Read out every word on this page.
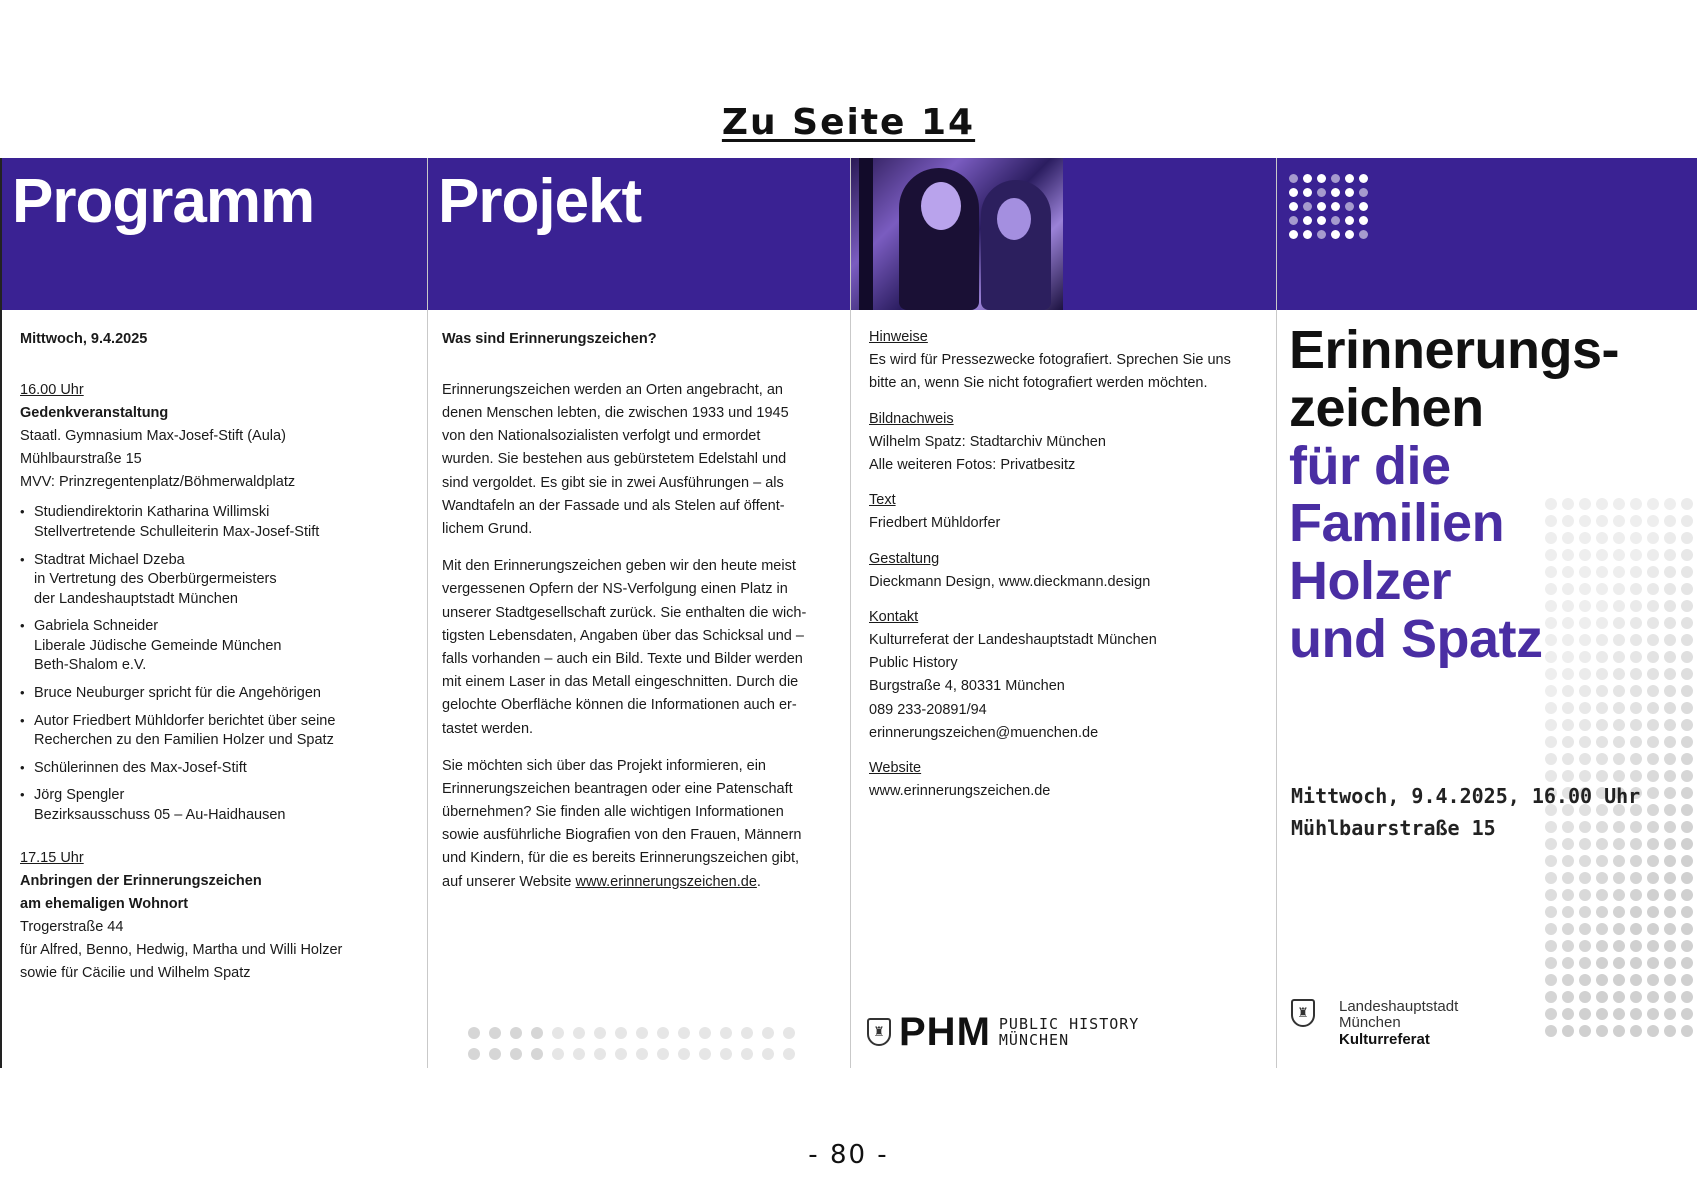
Zu Seite 14
Programm
Mittwoch, 9.4.2025
16.00 Uhr
Gedenkveranstaltung
Staatl. Gymnasium Max-Josef-Stift (Aula)
Mühlbaurstraße 15
MVV: Prinzregentenplatz/Böhmerwaldplatz
• Studiendirektorin Katharina Willimski
Stellvertretende Schulleiterin Max-Josef-Stift
• Stadtrat Michael Dzeba
in Vertretung des Oberbürgermeisters
der Landeshauptstadt München
• Gabriela Schneider
Liberale Jüdische Gemeinde München
Beth-Shalom e.V.
• Bruce Neuburger spricht für die Angehörigen
• Autor Friedbert Mühldorfer berichtet über seine
Recherchen zu den Familien Holzer und Spatz
• Schülerinnen des Max-Josef-Stift
• Jörg Spengler
Bezirksausschuss 05 – Au-Haidhausen
17.15 Uhr
Anbringen der Erinnerungszeichen
am ehemaligen Wohnort
Trogerstraße 44
für Alfred, Benno, Hedwig, Martha und Willi Holzer
sowie für Cäcilie und Wilhelm Spatz
Projekt
Was sind Erinnerungszeichen?
Erinnerungszeichen werden an Orten angebracht, an
denen Menschen lebten, die zwischen 1933 und 1945
von den Nationalsozialisten verfolgt und ermordet
wurden. Sie bestehen aus gebürstetem Edelstahl und
sind vergoldet. Es gibt sie in zwei Ausführungen – als
Wandtafeln an der Fassade und als Stelen auf öffent-
lichem Grund.
Mit den Erinnerungszeichen geben wir den heute meist
vergessenen Opfern der NS-Verfolgung einen Platz in
unserer Stadtgesellschaft zurück. Sie enthalten die wich-
tigsten Lebensdaten, Angaben über das Schicksal und –
falls vorhanden – auch ein Bild. Texte und Bilder werden
mit einem Laser in das Metall eingeschnitten. Durch die
gelochte Oberfläche können die Informationen auch er-
tastet werden.
Sie möchten sich über das Projekt informieren, ein
Erinnerungszeichen beantragen oder eine Patenschaft
übernehmen? Sie finden alle wichtigen Informationen
sowie ausführliche Biografien von den Frauen, Männern
und Kindern, für die es bereits Erinnerungszeichen gibt,
auf unserer Website www.erinnerungszeichen.de.
Hinweise
Es wird für Pressezwecke fotografiert. Sprechen Sie uns
bitte an, wenn Sie nicht fotografiert werden möchten.
Bildnachweis
Wilhelm Spatz: Stadtarchiv München
Alle weiteren Fotos: Privatbesitz
Text
Friedbert Mühldorfer
Gestaltung
Dieckmann Design, www.dieckmann.design
Kontakt
Kulturreferat der Landeshauptstadt München
Public History
Burgstraße 4, 80331 München
089 233-20891/94
erinnerungszeichen@muenchen.de
Website
www.erinnerungszeichen.de
♜ PHM PUBLIC HISTORY
MÜNCHEN
Erinnerungs-
zeichen
für die
Familien
Holzer
und Spatz
Mittwoch, 9.4.2025, 16.00 Uhr
Mühlbaurstraße 15
♜	Landeshauptstadt
München
Kulturreferat
- 80 -
